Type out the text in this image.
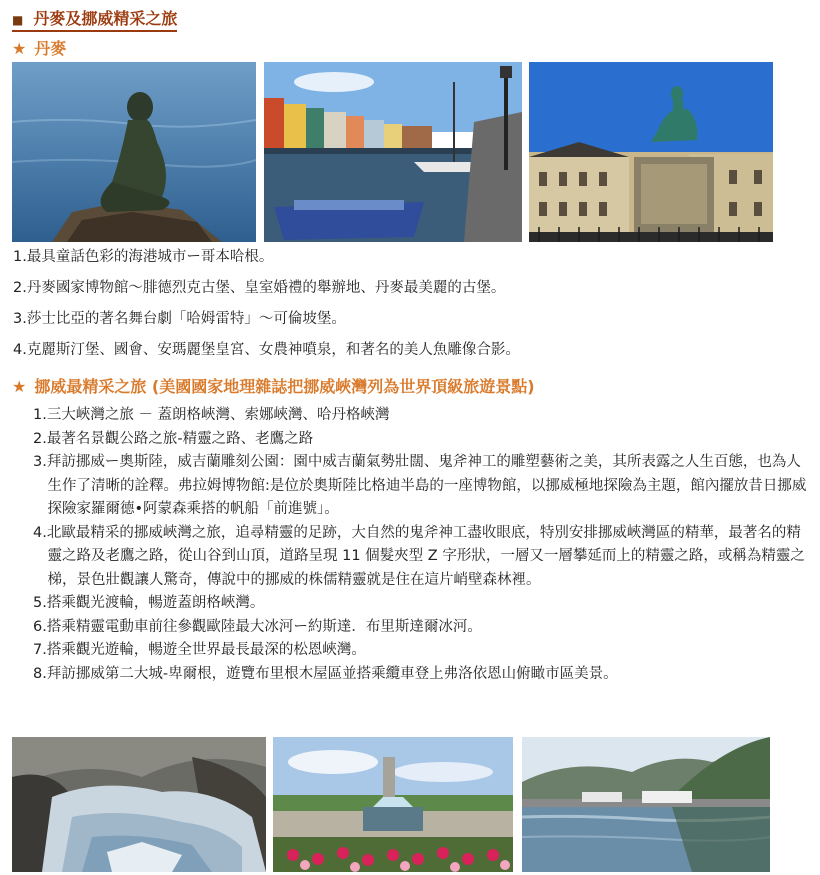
■ 丹麥及挪威精采之旅
★ 丹麥
1.最具童話色彩的海港城市ー哥本哈根。
2.丹麥國家博物館～腓德烈克古堡、皇室婚禮的舉辦地、丹麥最美麗的古堡。
3.莎士比亞的著名舞台劇「哈姆雷特」～可倫坡堡。
4.克麗斯汀堡、國會、安瑪麗堡皇宮、女農神噴泉，和著名的美人魚雕像合影。
★ 挪威最精采之旅 (美國國家地理雜誌把挪威峽灣列為世界頂級旅遊景點)
1.三大峽灣之旅 － 蓋朗格峽灣、索娜峽灣、哈丹格峽灣
2.最著名景觀公路之旅-精靈之路、老鷹之路
3.拜訪挪威ー奧斯陸，威吉蘭雕刻公園：園中威吉蘭氣勢壯闊、鬼斧神工的雕塑藝術之美，其所表露之人生百態，也為人生作了清晰的詮釋。弗拉姆博物館:是位於奧斯陸比格迪半島的一座博物館，以挪威極地探險為主題，館內擺放昔日挪威探險家羅爾德•阿蒙森乘搭的帆船「前進號」。
4.北歐最精采的挪威峽灣之旅，追尋精靈的足跡，大自然的鬼斧神工盡收眼底，特別安排挪威峽灣區的精華，最著名的精靈之路及老鷹之路，從山谷到山頂，道路呈現 11 個髮夾型 Z 字形狀，一層又一層攀延而上的精靈之路，或稱為精靈之梯，景色壯觀讓人驚奇，傳說中的挪威的株儒精靈就是住在這片峭壁森林裡。
5.搭乘觀光渡輪，暢遊蓋朗格峽灣。
6.搭乘精靈電動車前往參觀歐陸最大冰河ー約斯達．布里斯達爾冰河。
7.搭乘觀光遊輪，暢遊全世界最長最深的松恩峽灣。
8.拜訪挪威第二大城-卑爾根，遊覽布里根木屋區並搭乘纜車登上弗洛依恩山俯瞰市區美景。
